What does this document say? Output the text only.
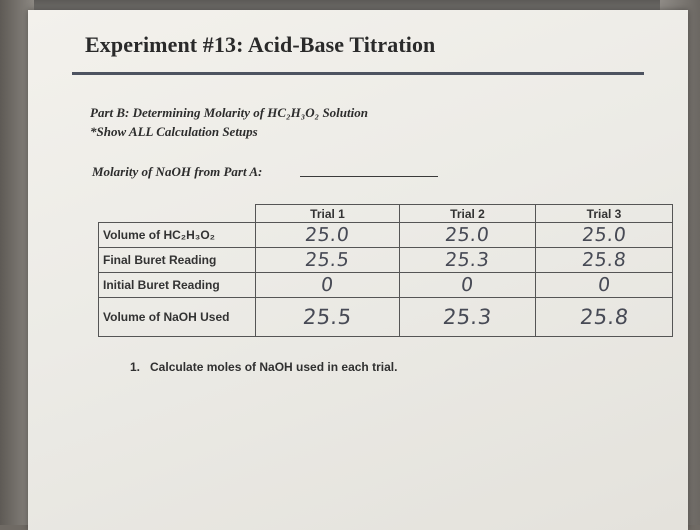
Experiment #13: Acid-Base Titration

Part B: Determining Molarity of HC₂H₃O₂ Solution

*Show ALL Calculation Setups

Molarity of NaOH from Part A:
	Trial 1	Trial 2	Trial 3
Volume of HC₂H₃O₂	25.0	25.0	25.0
Final Buret Reading	25.5	25.3	25.8
Initial Buret Reading	0	0	0
Volume of NaOH Used	25.5	25.3	25.8

1. Calculate moles of NaOH used in each trial.
